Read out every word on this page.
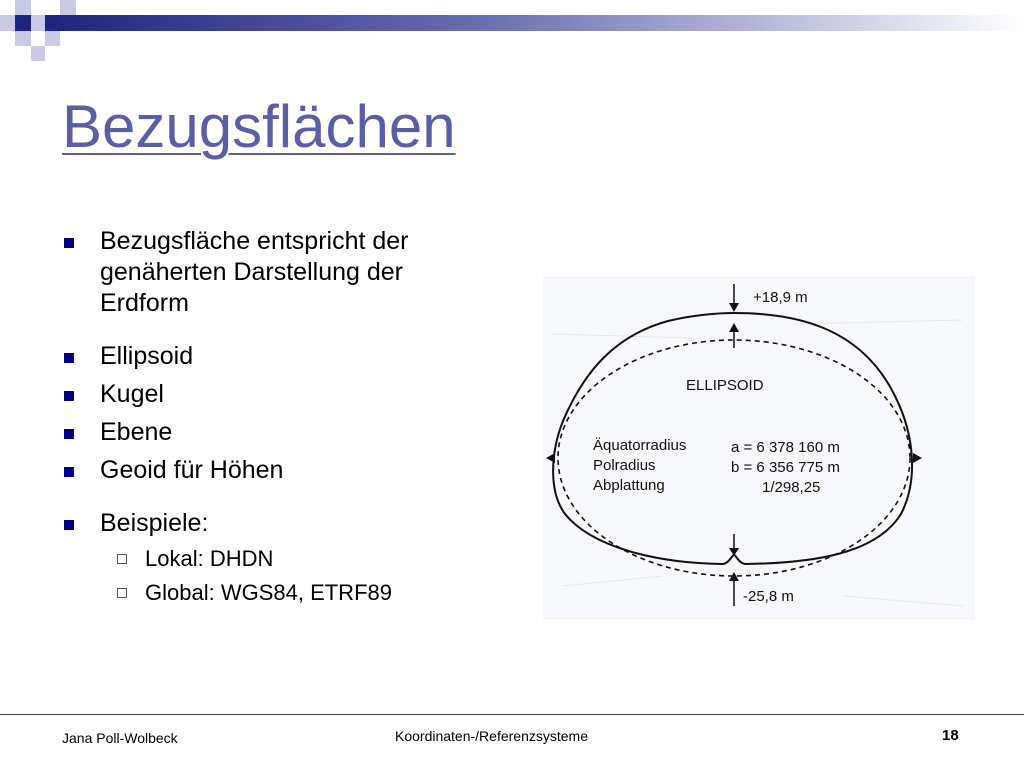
Bezugsflächen
Bezugsfläche entspricht der genäherten Darstellung der Erdform
Ellipsoid
Kugel
Ebene
Geoid für Höhen
Beispiele:
Lokal: DHDN
Global: WGS84, ETRF89
+18,9 m
ELLIPSOID
Äquatorradius
Polradius
Abplattung
a = 6 378 160 m
b = 6 356 775 m
1/298,25
-25,8 m
Jana Poll-Wolbeck	Koordinaten-/Referenzsysteme	18
